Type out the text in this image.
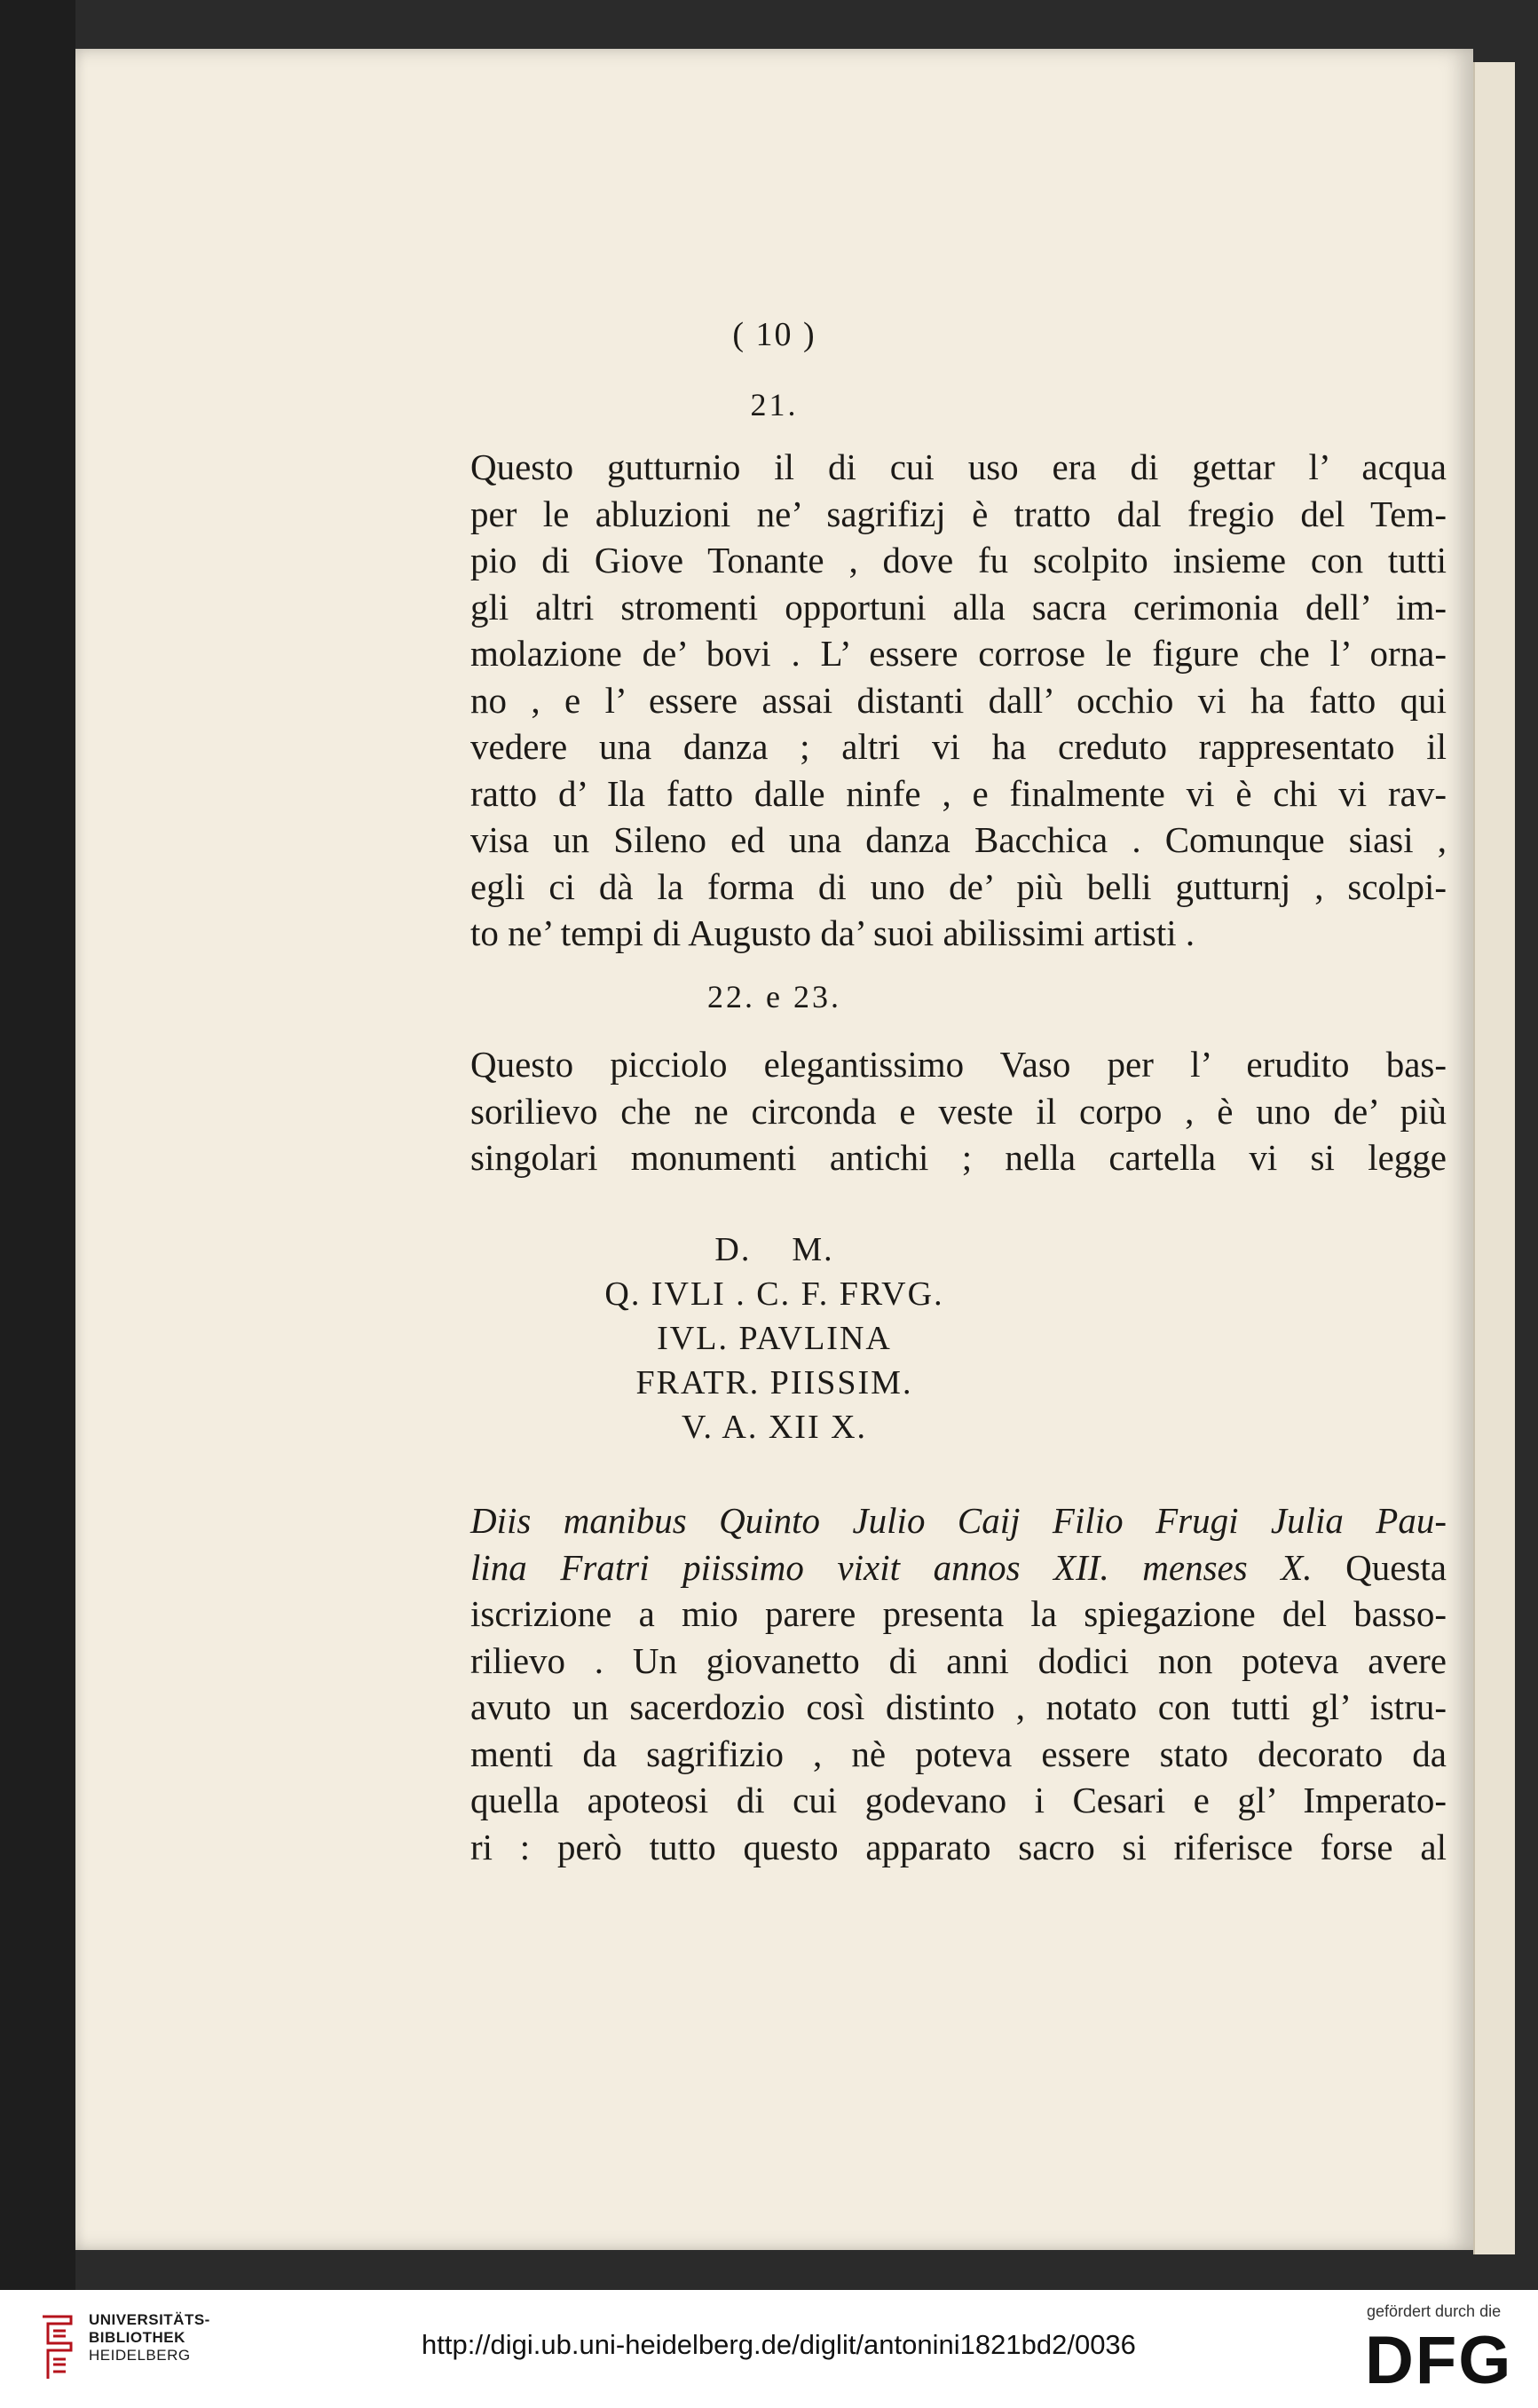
( 10 )
21.
Questo gutturnio il di cui uso era di gettar l’ acqua
per le abluzioni ne’ sagrifizj è tratto dal fregio del Tem-
pio di Giove Tonante , dove fu scolpito insieme con tutti
gli altri stromenti opportuni alla sacra cerimonia dell’ im-
molazione de’ bovi . L’ essere corrose le figure che l’ orna-
no , e l’ essere assai distanti dall’ occhio vi ha fatto qui
vedere una danza ; altri vi ha creduto rappresentato il
ratto d’ Ila fatto dalle ninfe , e finalmente vi è chi vi rav-
visa un Sileno ed una danza Bacchica . Comunque siasi ,
egli ci dà la forma di uno de’ più belli gutturnj , scolpi-
to ne’ tempi di Augusto da’ suoi abilissimi artisti .
22. e 23.
Questo picciolo elegantissimo Vaso per l’ erudito bas-
sorilievo che ne circonda e veste il corpo , è uno de’ più
singolari monumenti antichi ; nella cartella vi si legge
D.    M.
Q. IVLI . C. F. FRVG.
IVL. PAVLINA
FRATR. PIISSIM.
V. A. XII X.
Diis manibus Quinto Julio Caij Filio Frugi Julia Pau-
lina Fratri piissimo vixit annos XII. menses X. Questa
iscrizione a mio parere presenta la spiegazione del basso-
rilievo . Un giovanetto di anni dodici non poteva avere
avuto un sacerdozio così distinto , notato con tutti gl’ istru-
menti da sagrifizio , nè poteva essere stato decorato da
quella apoteosi di cui godevano i Cesari e gl’ Imperato-
ri : però tutto questo apparato sacro si riferisce forse al
UNIVERSITÄTS-
BIBLIOTHEK
HEIDELBERG	http://digi.ub.uni-heidelberg.de/diglit/antonini1821bd2/0036
gefördert durch die
DFG
